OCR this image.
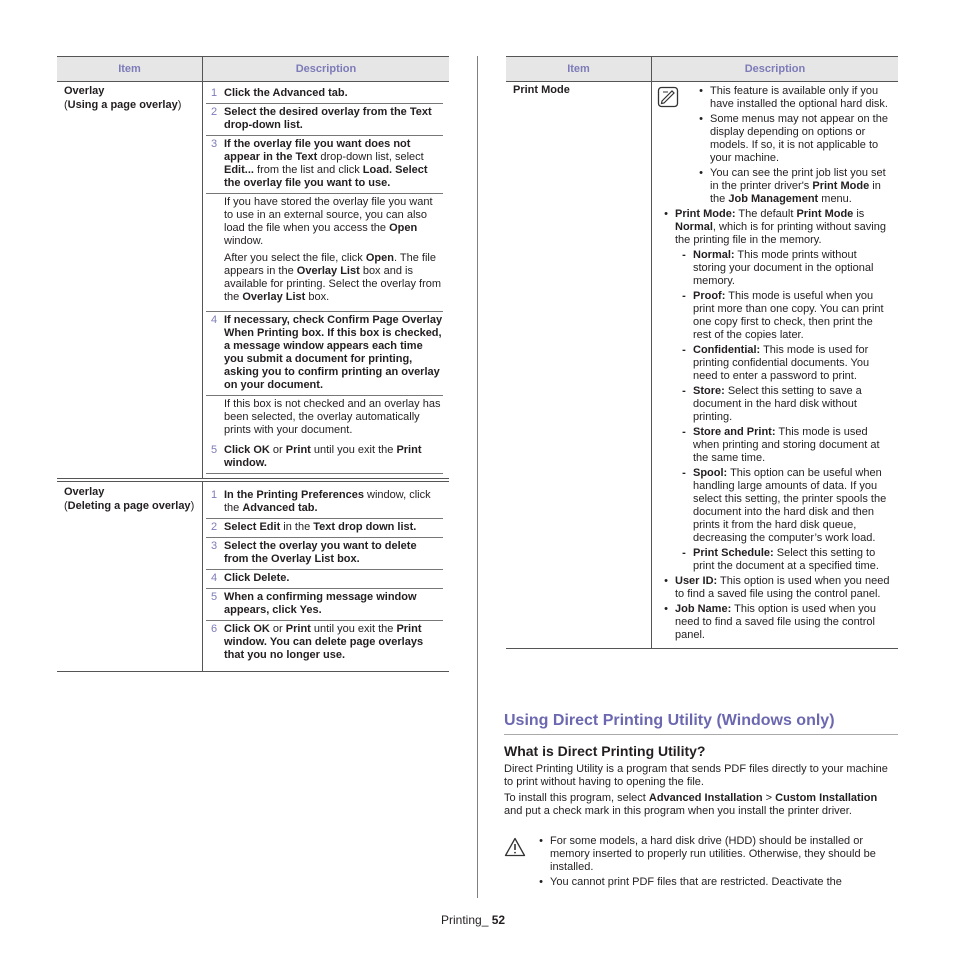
Item	Description
Overlay
(Using a page overlay)
1 Click the Advanced tab.
2 Select the desired overlay from the Text drop-down list.
3 If the overlay file you want does not appear in the Text drop-down list, select Edit... from the list and click Load. Select the overlay file you want to use.

If you have stored the overlay file you want to use in an external source, you can also load the file when you access the Open window.

After you select the file, click Open. The file appears in the Overlay List box and is available for printing. Select the overlay from the Overlay List box.

4 If necessary, check Confirm Page Overlay When Printing box. If this box is checked, a message window appears each time you submit a document for printing, asking you to confirm printing an overlay on your document.

If this box is not checked and an overlay has been selected, the overlay automatically prints with your document.

5 Click OK or Print until you exit the Print window.
Overlay
(Deleting a page overlay)
1 In the Printing Preferences window, click the Advanced tab.
2 Select Edit in the Text drop down list.
3 Select the overlay you want to delete from the Overlay List box.
4 Click Delete.
5 When a confirming message window appears, click Yes.
6 Click OK or Print until you exit the Print window. You can delete page overlays that you no longer use.
Item	Description
Print Mode	• This feature is available only if you have installed the optional hard disk.
• Some menus may not appear on the display depending on options or models. If so, it is not applicable to your machine.
• You can see the print job list you set in the printer driver's Print Mode in the Job Management menu.
• Print Mode: The default Print Mode is Normal, which is for printing without saving the printing file in the memory.
- Normal: This mode prints without storing your document in the optional memory.
- Proof: This mode is useful when you print more than one copy. You can print one copy first to check, then print the rest of the copies later.
- Confidential: This mode is used for printing confidential documents. You need to enter a password to print.
- Store: Select this setting to save a document in the hard disk without printing.
- Store and Print: This mode is used when printing and storing document at the same time.
- Spool: This option can be useful when handling large amounts of data. If you select this setting, the printer spools the document into the hard disk and then prints it from the hard disk queue, decreasing the computer’s work load.
- Print Schedule: Select this setting to print the document at a specified time.
• User ID: This option is used when you need to find a saved file using the control panel.
• Job Name: This option is used when you need to find a saved file using the control panel.
Using Direct Printing Utility (Windows only)
What is Direct Printing Utility?
Direct Printing Utility is a program that sends PDF files directly to your machine to print without having to opening the file.
To install this program, select Advanced Installation > Custom Installation and put a check mark in this program when you install the printer driver.
• For some models, a hard disk drive (HDD) should be installed or memory inserted to properly run utilities. Otherwise, they should be installed.
• You cannot print PDF files that are restricted. Deactivate the
Printing_ 52
